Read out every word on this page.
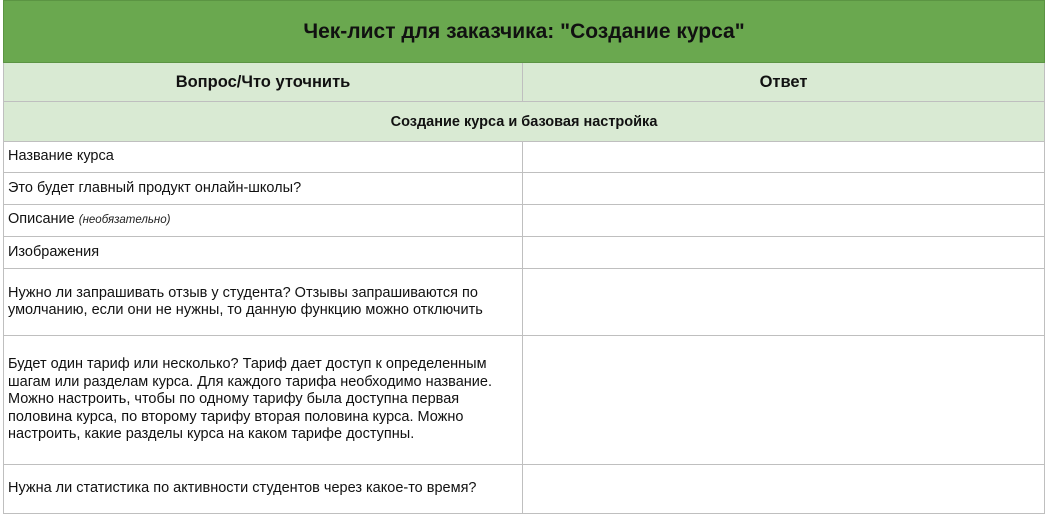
Чек-лист для заказчика: "Создание курса"	
Вопрос/Что уточнить	Ответ
Создание курса и базовая настройка	
Название курса	
Это будет главный продукт онлайн-школы?	
Описание (необязательно)	
Изображения	
Нужно ли запрашивать отзыв у студента? Отзывы запрашиваются по умолчанию, если они не нужны, то данную функцию можно отключить	
Будет один тариф или несколько? Тариф дает доступ к определенным шагам или разделам курса. Для каждого тарифа необходимо название. Можно настроить, чтобы по одному тарифу была доступна первая половина курса, по второму тарифу вторая половина курса. Можно настроить, какие разделы курса на каком тарифе доступны.	
Нужна ли статистика по активности студентов через какое-то время?	
